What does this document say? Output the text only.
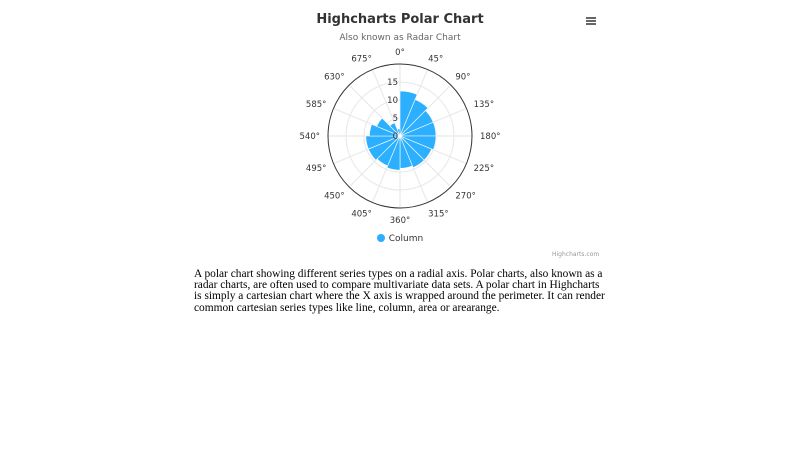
0°
45°
90°
135°
180°
225°
270°
315°
360°
405°
450°
495°
540°
585°
630°
675°
0
5
10
15
Highcharts Polar Chart
Also known as Radar Chart
Column
Highcharts.com

A polar chart showing different series types on a radial axis. Polar charts, also known as a radar charts, are often used to compare multivariate data sets. A polar chart in Highcharts is simply a cartesian chart where the X axis is wrapped around the perimeter. It can render common cartesian series types like line, column, area or arearange.
